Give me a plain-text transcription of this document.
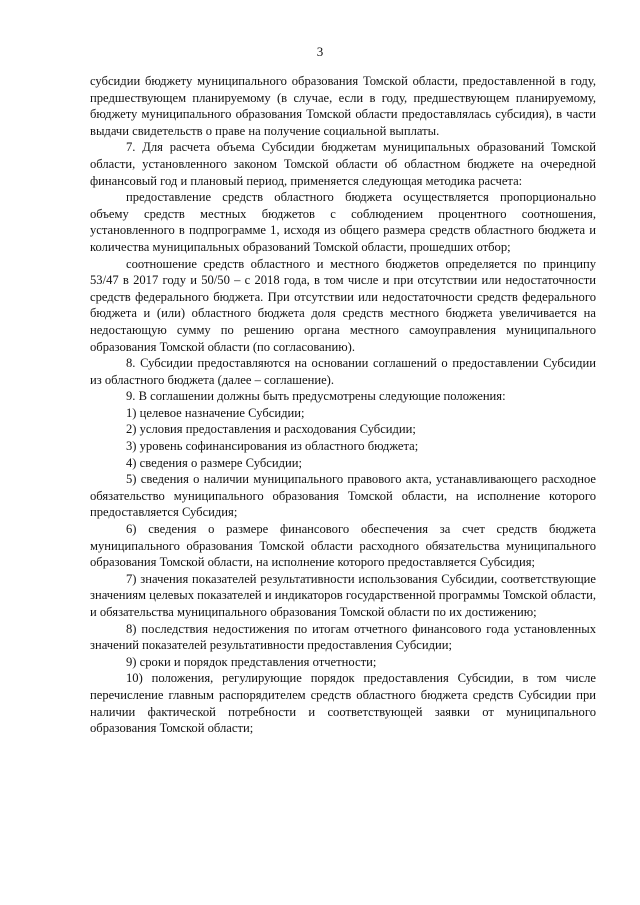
3

субсидии бюджету муниципального образования Томской области, предоставленной в году, предшествующем планируемому (в случае, если в году, предшествующем планируемому, бюджету муниципального образования Томской области предоставлялась субсидия), в части выдачи свидетельств о праве на получение социальной выплаты.

7. Для расчета объема Субсидии бюджетам муниципальных образований Томской области, установленного законом Томской области об областном бюджете на очередной финансовый год и плановый период, применяется следующая методика расчета:

предоставление средств областного бюджета осуществляется пропорционально объему средств местных бюджетов с соблюдением процентного соотношения, установленного в подпрограмме 1, исходя из общего размера средств областного бюджета и количества муниципальных образований Томской области, прошедших отбор;

соотношение средств областного и местного бюджетов определяется по принципу 53/47 в 2017 году и 50/50 – с 2018 года, в том числе и при отсутствии или недостаточности средств федерального бюджета. При отсутствии или недостаточности средств федерального бюджета и (или) областного бюджета доля средств местного бюджета увеличивается на недостающую сумму по решению органа местного самоуправления муниципального образования Томской области (по согласованию).

8. Субсидии предоставляются на основании соглашений о предоставлении Субсидии из областного бюджета (далее – соглашение).

9. В соглашении должны быть предусмотрены следующие положения:

1) целевое назначение Субсидии;

2) условия предоставления и расходования Субсидии;

3) уровень софинансирования из областного бюджета;

4) сведения о размере Субсидии;

5) сведения о наличии муниципального правового акта, устанавливающего расходное обязательство муниципального образования Томской области, на исполнение которого предоставляется Субсидия;

6) сведения о размере финансового обеспечения за счет средств бюджета муниципального образования Томской области расходного обязательства муниципального образования Томской области, на исполнение которого предоставляется Субсидия;

7) значения показателей результативности использования Субсидии, соответствующие значениям целевых показателей и индикаторов государственной программы Томской области, и обязательства муниципального образования Томской области по их достижению;

8) последствия недостижения по итогам отчетного финансового года установленных значений показателей результативности предоставления Субсидии;

9) сроки и порядок представления отчетности;

10) положения, регулирующие порядок предоставления Субсидии, в том числе перечисление главным распорядителем средств областного бюджета средств Субсидии при наличии фактической потребности и соответствующей заявки от муниципального образования Томской области;
